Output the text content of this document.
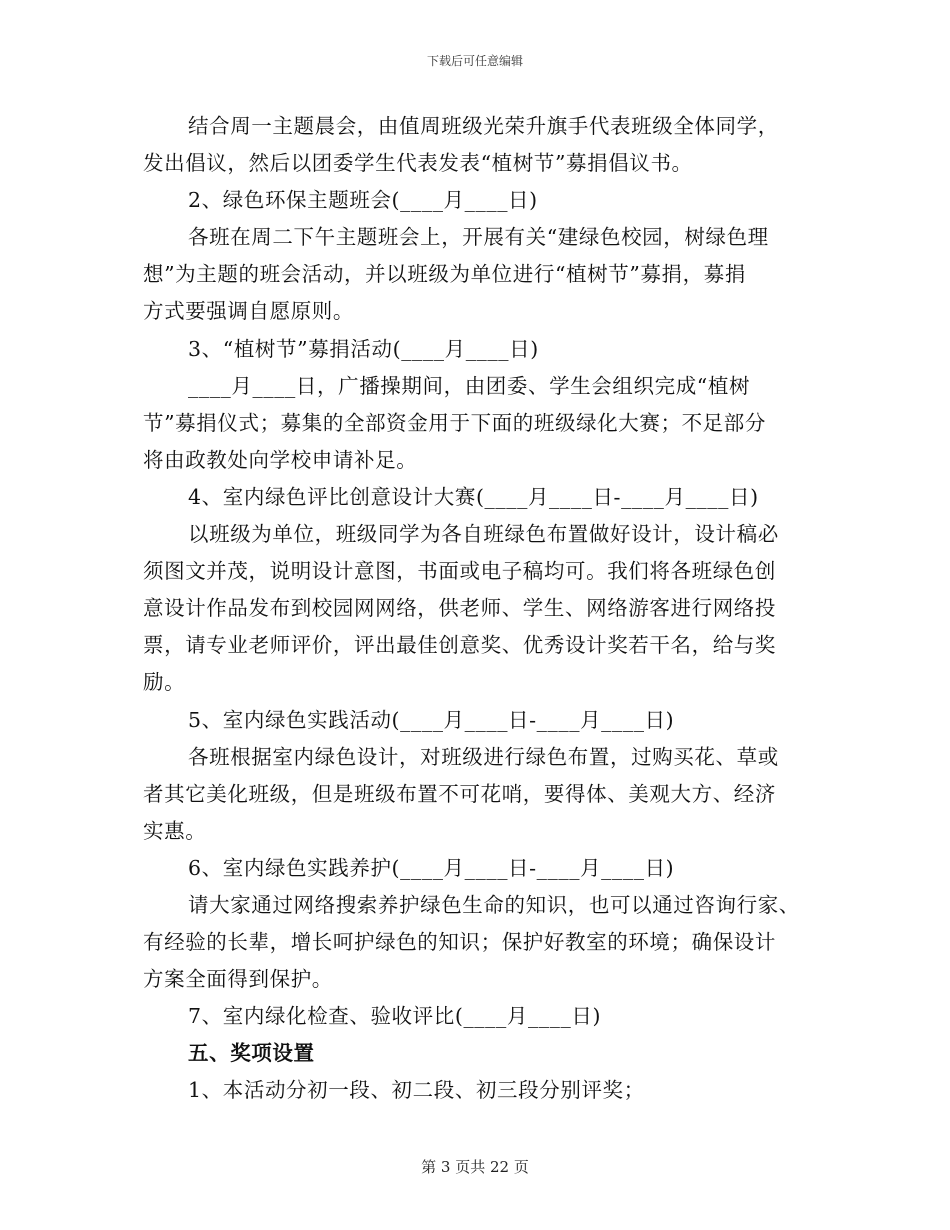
下载后可任意编辑
结合周一主题晨会，由值周班级光荣升旗手代表班级全体同学，
发出倡议，然后以团委学生代表发表“植树节”募捐倡议书。
2、绿色环保主题班会(____月____日)
各班在周二下午主题班会上，开展有关“建绿色校园，树绿色理
想”为主题的班会活动，并以班级为单位进行“植树节”募捐，募捐
方式要强调自愿原则。
3、“植树节”募捐活动(____月____日)
____月____日，广播操期间，由团委、学生会组织完成“植树
节”募捐仪式；募集的全部资金用于下面的班级绿化大赛；不足部分
将由政教处向学校申请补足。
4、室内绿色评比创意设计大赛(____月____日-____月____日)
以班级为单位，班级同学为各自班绿色布置做好设计，设计稿必
须图文并茂，说明设计意图，书面或电子稿均可。我们将各班绿色创
意设计作品发布到校园网网络，供老师、学生、网络游客进行网络投
票，请专业老师评价，评出最佳创意奖、优秀设计奖若干名，给与奖
励。
5、室内绿色实践活动(____月____日-____月____日)
各班根据室内绿色设计，对班级进行绿色布置，过购买花、草或
者其它美化班级，但是班级布置不可花哨，要得体、美观大方、经济
实惠。
6、室内绿色实践养护(____月____日-____月____日)
请大家通过网络搜索养护绿色生命的知识，也可以通过咨询行家、
有经验的长辈，增长呵护绿色的知识；保护好教室的环境；确保设计
方案全面得到保护。
7、室内绿化检查、验收评比(____月____日)
五、奖项设置
1、本活动分初一段、初二段、初三段分别评奖；
第 3 页共 22 页
